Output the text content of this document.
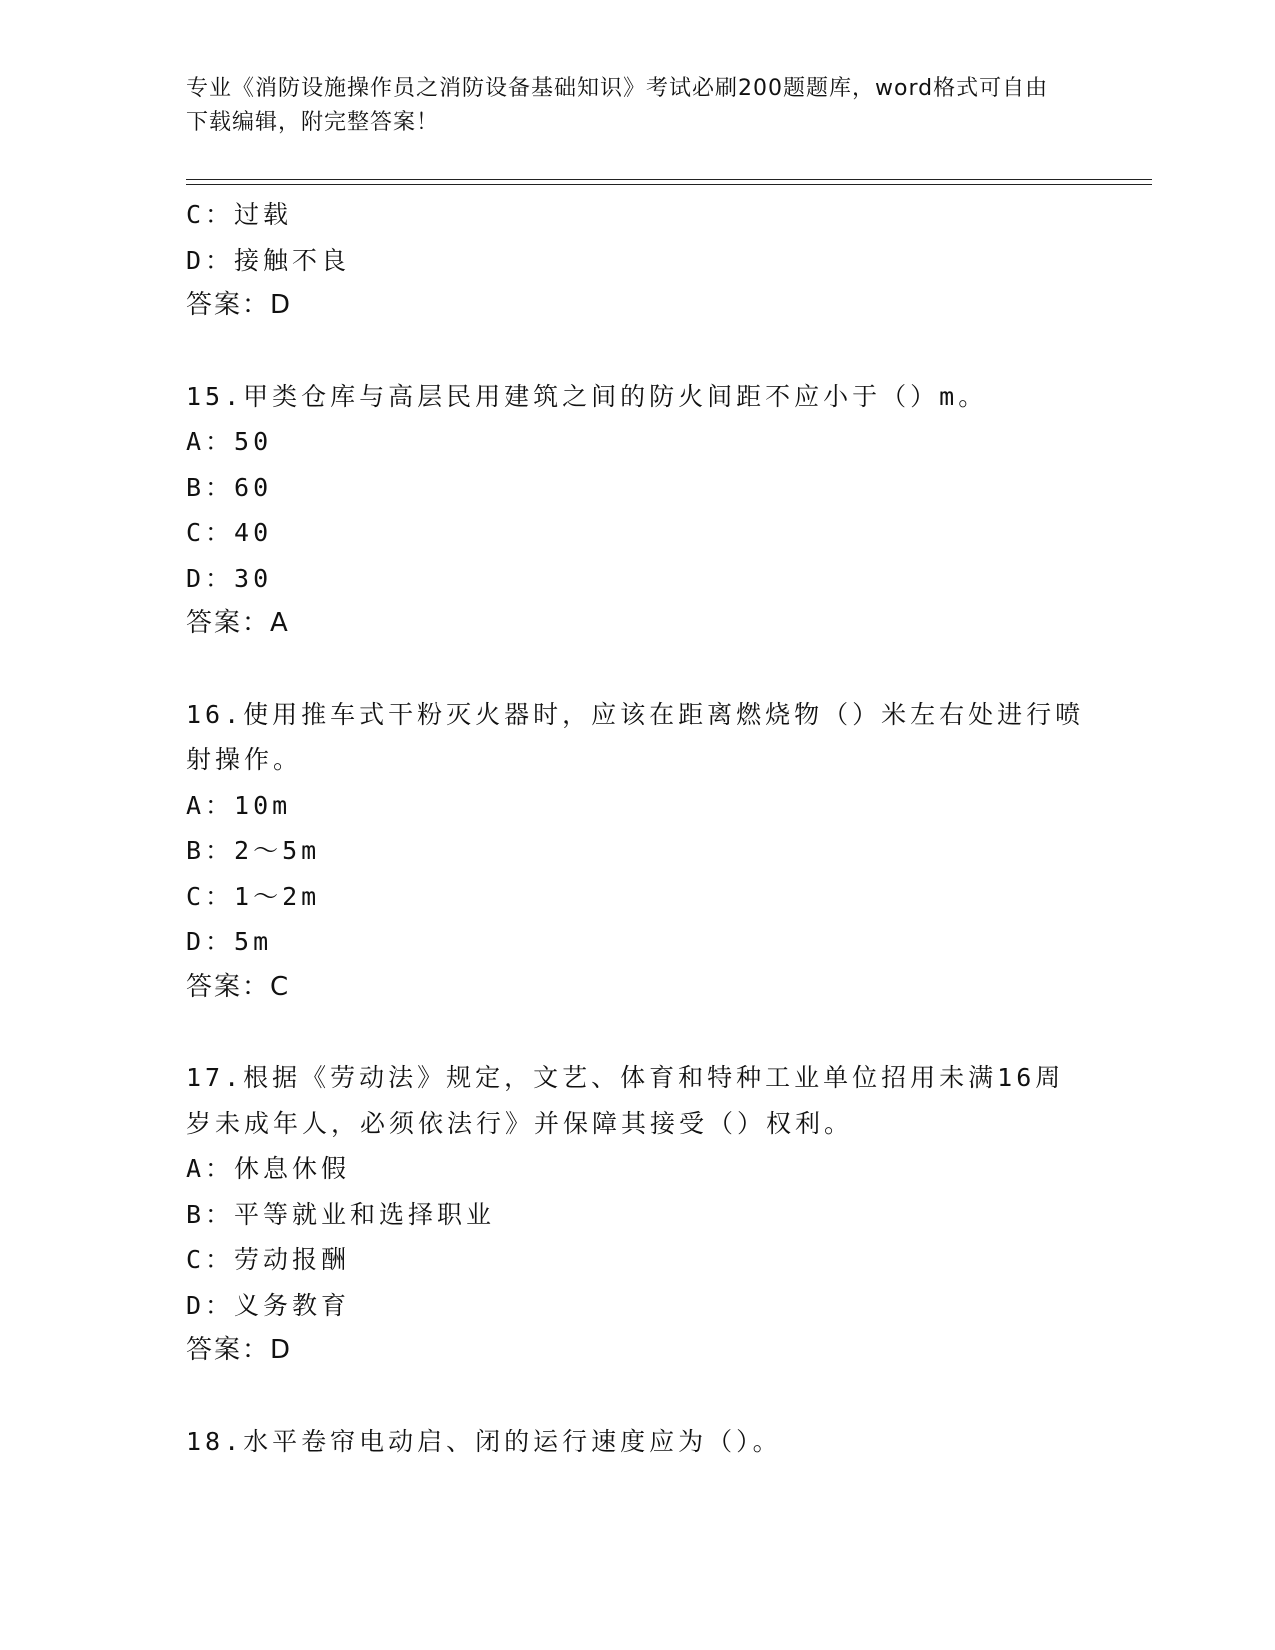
专业《消防设施操作员之消防设备基础知识》考试必刷200题题库，word格式可自由下载编辑，附完整答案！
C：过载
D：接触不良
答案：D
15.甲类仓库与高层民用建筑之间的防火间距不应小于（）m。
A：50
B：60
C：40
D：30
答案：A
16.使用推车式干粉灭火器时，应该在距离燃烧物（）米左右处进行喷射操作。
A：10m
B：2～5m
C：1～2m
D：5m
答案：C
17.根据《劳动法》规定，文艺、体育和特种工业单位招用未满16周岁未成年人，必须依法行》并保障其接受（）权利。
A：休息休假
B：平等就业和选择职业
C：劳动报酬
D：义务教育
答案：D
18.水平卷帘电动启、闭的运行速度应为（）。
